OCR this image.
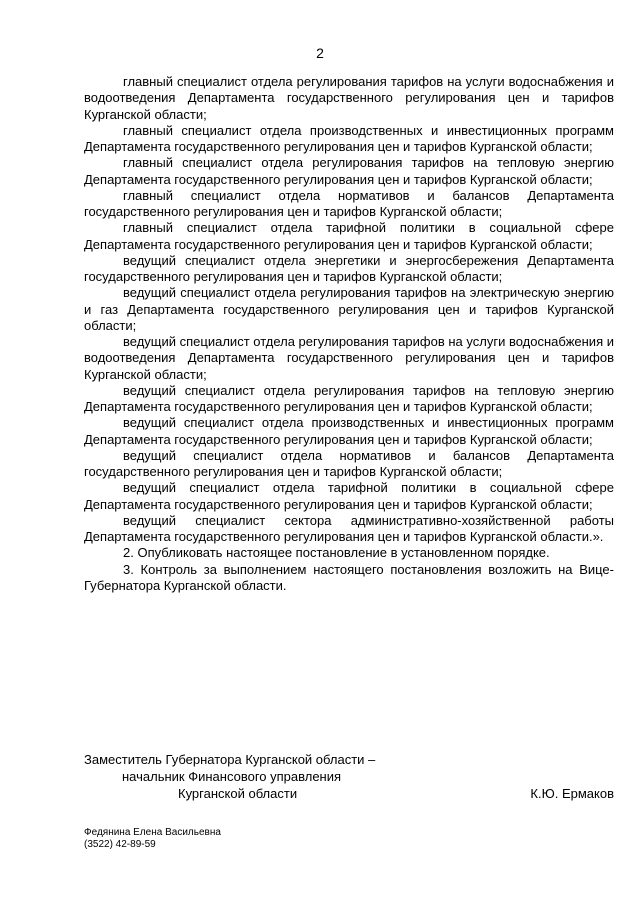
2

главный специалист отдела регулирования тарифов на услуги водоснабжения и водоотведения Департамента государственного регулирования цен и тарифов Курганской области;

главный специалист отдела производственных и инвестиционных программ Департамента государственного регулирования цен и тарифов Курганской области;

главный специалист отдела регулирования тарифов на тепловую энергию Департамента государственного регулирования цен и тарифов Курганской области;

главный специалист отдела нормативов и балансов Департамента государственного регулирования цен и тарифов Курганской области;

главный специалист отдела тарифной политики в социальной сфере Департамента государственного регулирования цен и тарифов Курганской области;

ведущий специалист отдела энергетики и энергосбережения Департамента государственного регулирования цен и тарифов Курганской области;

ведущий специалист отдела регулирования тарифов на электрическую энергию и газ Департамента государственного регулирования цен и тарифов Курганской области;

ведущий специалист отдела регулирования тарифов на услуги водоснабжения и водоотведения Департамента государственного регулирования цен и тарифов Курганской области;

ведущий специалист отдела регулирования тарифов на тепловую энергию Департамента государственного регулирования цен и тарифов Курганской области;

ведущий специалист отдела производственных и инвестиционных программ Департамента государственного регулирования цен и тарифов Курганской области;

ведущий специалист отдела нормативов и балансов Департамента государственного регулирования цен и тарифов Курганской области;

ведущий специалист отдела тарифной политики в социальной сфере Департамента государственного регулирования цен и тарифов Курганской области;

ведущий специалист сектора административно-хозяйственной работы Департамента государственного регулирования цен и тарифов Курганской области.».

2. Опубликовать настоящее постановление в установленном порядке.

3. Контроль за выполнением настоящего постановления возложить на Вице-Губернатора Курганской области.

Заместитель Губернатора Курганской области –
начальник Финансового управления
Курганской области	К.Ю. Ермаков
Федянина Елена Васильевна
(3522) 42-89-59
